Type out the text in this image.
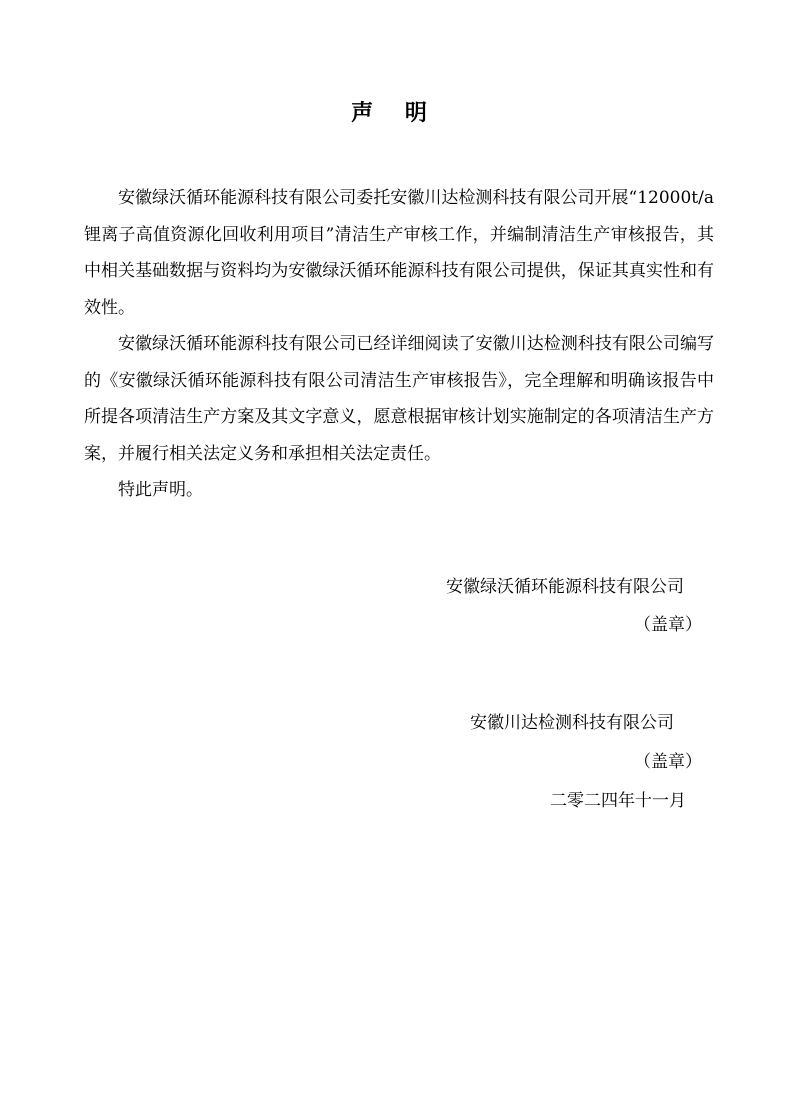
声 明

安徽绿沃循环能源科技有限公司委托安徽川达检测科技有限公司开展“12000t/a锂离子高值资源化回收利用项目”清洁生产审核工作，并编制清洁生产审核报告，其中相关基础数据与资料均为安徽绿沃循环能源科技有限公司提供，保证其真实性和有效性。

安徽绿沃循环能源科技有限公司已经详细阅读了安徽川达检测科技有限公司编写的《安徽绿沃循环能源科技有限公司清洁生产审核报告》，完全理解和明确该报告中所提各项清洁生产方案及其文字意义，愿意根据审核计划实施制定的各项清洁生产方案，并履行相关法定义务和承担相关法定责任。

特此声明。

安徽绿沃循环能源科技有限公司
（盖章）
安徽川达检测科技有限公司
（盖章）
二零二四年十一月
